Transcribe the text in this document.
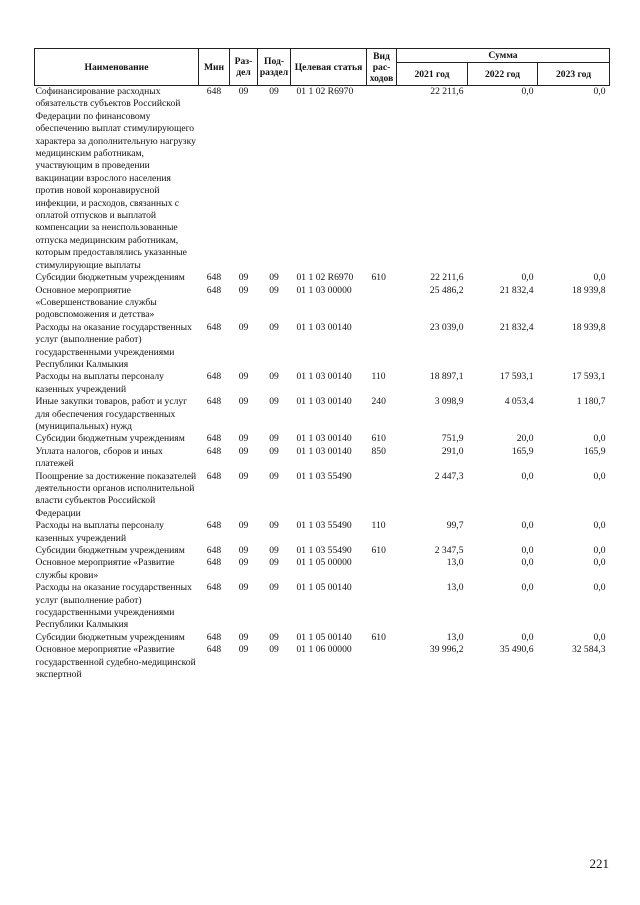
Наименование	Мин	Раз-дел	Под-раздел	Целевая статья	Вид рас-ходов	Сумма		
						2021 год	2022 год	2023 год
Софинансирование расходных обязательств субъектов Российской Федерации по финансовому обеспечению выплат стимулирующего характера за дополнительную нагрузку медицинским работникам, участвующим в проведении вакцинации взрослого населения против новой коронавирусной инфекции, и расходов, связанных с оплатой отпусков и выплатой компенсации за неиспользованные отпуска медицинским работникам, которым предоставлялись указанные стимулирующие выплаты	648	09	09	01 1 02 R6970		22 211,6	0,0	0,0
Субсидии бюджетным учреждениям	648	09	09	01 1 02 R6970	610	22 211,6	0,0	0,0
Основное мероприятие «Совершенствование службы родовспоможения и детства»	648	09	09	01 1 03 00000		25 486,2	21 832,4	18 939,8
Расходы на оказание государственных услуг (выполнение работ) государственными учреждениями Республики Калмыкия	648	09	09	01 1 03 00140		23 039,0	21 832,4	18 939,8
Расходы на выплаты персоналу казенных учреждений	648	09	09	01 1 03 00140	110	18 897,1	17 593,1	17 593,1
Иные закупки товаров, работ и услуг для обеспечения государственных (муниципальных) нужд	648	09	09	01 1 03 00140	240	3 098,9	4 053,4	1 180,7
Субсидии бюджетным учреждениям	648	09	09	01 1 03 00140	610	751,9	20,0	0,0
Уплата налогов, сборов и иных платежей	648	09	09	01 1 03 00140	850	291,0	165,9	165,9
Поощрение за достижение показателей деятельности органов исполнительной власти субъектов Российской Федерации	648	09	09	01 1 03 55490		2 447,3	0,0	0,0
Расходы на выплаты персоналу казенных учреждений	648	09	09	01 1 03 55490	110	99,7	0,0	0,0
Субсидии бюджетным учреждениям	648	09	09	01 1 03 55490	610	2 347,5	0,0	0,0
Основное мероприятие «Развитие службы крови»	648	09	09	01 1 05 00000		13,0	0,0	0,0
Расходы на оказание государственных услуг (выполнение работ) государственными учреждениями Республики Калмыкия	648	09	09	01 1 05 00140		13,0	0,0	0,0
Субсидии бюджетным учреждениям	648	09	09	01 1 05 00140	610	13,0	0,0	0,0
Основное мероприятие «Развитие государственной судебно-медицинской экспертной	648	09	09	01 1 06 00000		39 996,2	35 490,6	32 584,3
221
